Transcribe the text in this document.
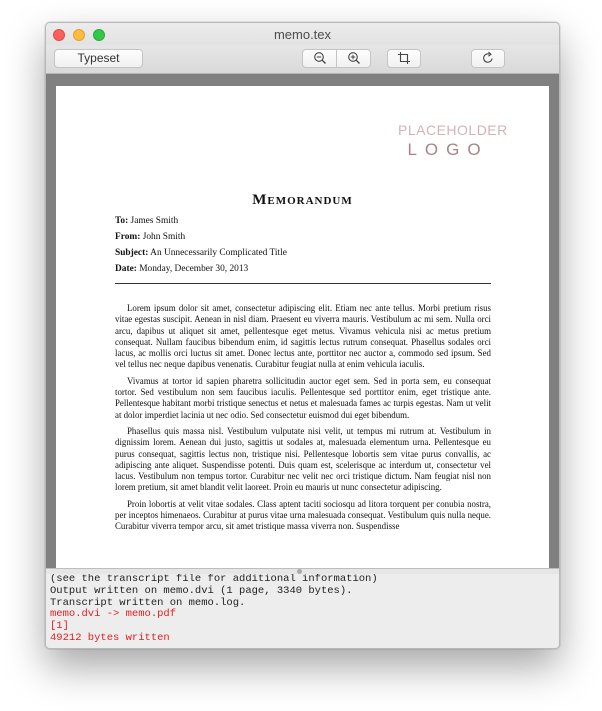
memo.tex
Typeset
PLACEHOLDER
LOGO
Memorandum
To: James Smith
From: John Smith
Subject: An Unnecessarily Complicated Title
Date: Monday, December 30, 2013

Lorem ipsum dolor sit amet, consectetur adipiscing elit. Etiam nec ante tellus. Morbi pretium risus vitae egestas suscipit. Aenean in nisl diam. Praesent eu viverra mauris. Vestibulum ac mi sem. Nulla orci arcu, dapibus ut aliquet sit amet, pellentesque eget metus. Vivamus vehicula nisi ac metus pretium consequat. Nullam faucibus bibendum enim, id sagittis lectus rutrum consequat. Phasellus sodales orci lacus, ac mollis orci luctus sit amet. Donec lectus ante, porttitor nec auctor a, commodo sed ipsum. Sed vel tellus nec neque dapibus venenatis. Curabitur feugiat nulla at enim vehicula iaculis.

Vivamus at tortor id sapien pharetra sollicitudin auctor eget sem. Sed in porta sem, eu consequat tortor. Sed vestibulum non sem faucibus iaculis. Pellentesque sed porttitor enim, eget tristique ante. Pellentesque habitant morbi tristique senectus et netus et malesuada fames ac turpis egestas. Nam ut velit at dolor imperdiet lacinia ut nec odio. Sed consectetur euismod dui eget bibendum.

Phasellus quis massa nisl. Vestibulum vulputate nisi velit, ut tempus mi rutrum at. Vestibulum in dignissim lorem. Aenean dui justo, sagittis ut sodales at, malesuada elementum urna. Pellentesque eu purus consequat, sagittis lectus non, tristique nisi. Pellentesque lobortis sem vitae purus convallis, ac adipiscing ante aliquet. Suspendisse potenti. Duis quam est, scelerisque ac interdum ut, consectetur vel lacus. Vestibulum non tempus tortor. Curabitur nec velit nec orci tristique dictum. Nam feugiat nisl non lorem pretium, sit amet blandit velit laoreet. Proin eu mauris ut nunc consectetur adipiscing.

Proin lobortis at velit vitae sodales. Class aptent taciti sociosqu ad litora torquent per conubia nostra, per inceptos himenaeos. Curabitur at purus vitae urna malesuada consequat. Vestibulum quis nulla neque. Curabitur viverra tempor arcu, sit amet tristique massa viverra non. Suspendisse

(see the transcript file for additional information)
Output written on memo.dvi (1 page, 3340 bytes).
Transcript written on memo.log.
memo.dvi -> memo.pdf
[1]
49212 bytes written
